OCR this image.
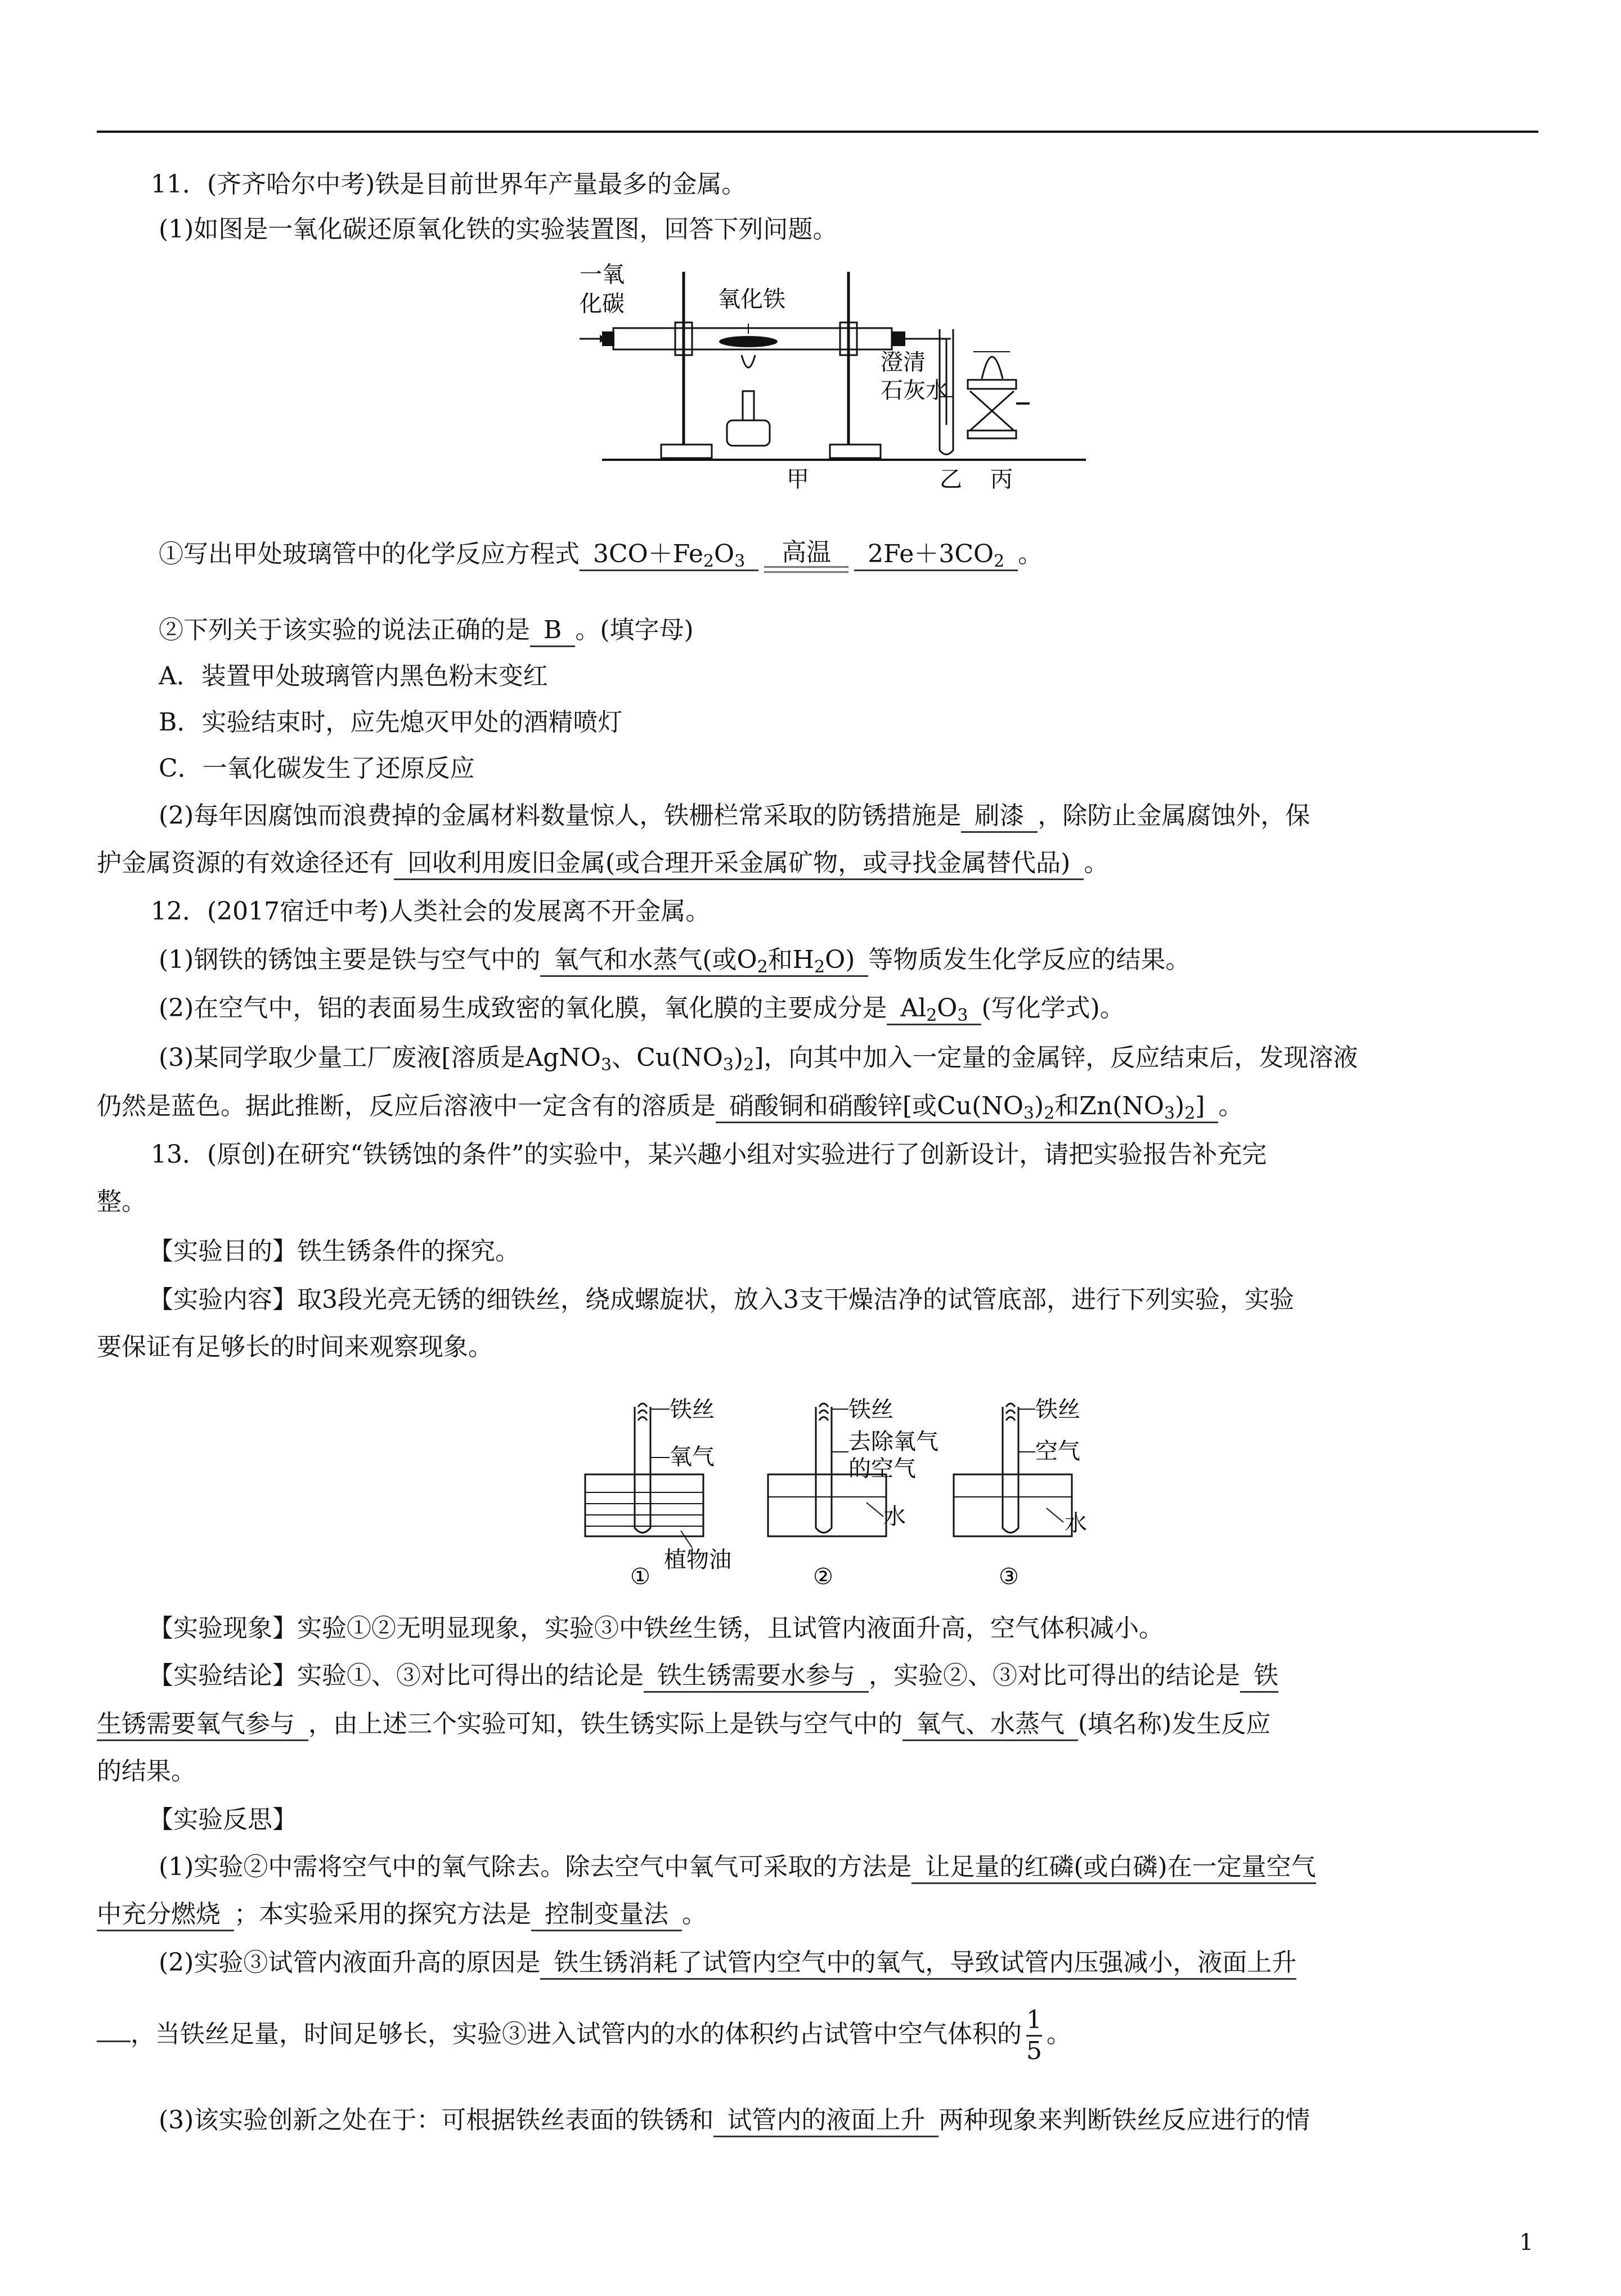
11．(齐齐哈尔中考)铁是目前世界年产量最多的金属。
(1)如图是一氧化碳还原氧化铁的实验装置图，回答下列问题。
一氧
化碳	氧化铁
澄清
石灰水
甲	乙 丙
①写出甲处玻璃管中的化学反应方程式 $3CO+Fe_2O_3$	高温	$2Fe+3CO_2$ 。
②下列关于该实验的说法正确的是 B 。(填字母)
A．装置甲处玻璃管内黑色粉末变红
B．实验结束时，应先熄灭甲处的酒精喷灯
C．一氧化碳发生了还原反应
(2)每年因腐蚀而浪费掉的金属材料数量惊人，铁栅栏常采取的防锈措施是 刷漆 ，除防止金属腐蚀外，保
护金属资源的有效途径还有 回收利用废旧金属(或合理开采金属矿物，或寻找金属替代品) 。
12．(2017宿迁中考)人类社会的发展离不开金属。
(1)钢铁的锈蚀主要是铁与空气中的 氧气和水蒸气(或$O_2$和$H_2O$) 等物质发生化学反应的结果。
(2)在空气中，铝的表面易生成致密的氧化膜，氧化膜的主要成分是 $Al_2O_3$ (写化学式)。
(3)某同学取少量工厂废液[溶质是AgNO$_3$、$Cu(NO_3)_2$]，向其中加入一定量的金属锌，反应结束后，发现溶液
仍然是蓝色。据此推断，反应后溶液中一定含有的溶质是 硝酸铜和硝酸锌[或$Cu(NO_3)_2$和$Zn(NO_3)_2$] 。
13．(原创)在研究“铁锈蚀的条件”的实验中，某兴趣小组对实验进行了创新设计，请把实验报告补充完
整。
【实验目的】铁生锈条件的探究。
【实验内容】取3段光亮无锈的细铁丝，绕成螺旋状，放入3支干燥洁净的试管底部，进行下列实验，实验
要保证有足够长的时间来观察现象。
铁丝
氧气
植物油
①
铁丝
去除氧气
的空气
水
②
铁丝
空气
水
③
【实验现象】实验①②无明显现象，实验③中铁丝生锈，且试管内液面升高，空气体积减小。
【实验结论】实验①、③对比可得出的结论是 铁生锈需要水参与 ，实验②、③对比可得出的结论是 铁
生锈需要氧气参与 ，由上述三个实验可知，铁生锈实际上是铁与空气中的 氧气、水蒸气 (填名称)发生反应
的结果。
【实验反思】
(1)实验②中需将空气中的氧气除去。除去空气中氧气可采取的方法是 让足量的红磷(或白磷)在一定量空气
中充分燃烧 ；本实验采用的探究方法是 控制变量法 。
(2)实验③试管内液面升高的原因是 铁生锈消耗了试管内空气中的氧气，导致试管内压强减小，液面上升
，当铁丝足量，时间足够长，实验③进入试管内的水的体积约占试管中空气体积的 $\frac{1}{5}$ 。
(3)该实验创新之处在于：可根据铁丝表面的铁锈和 试管内的液面上升 两种现象来判断铁丝反应进行的情
1
